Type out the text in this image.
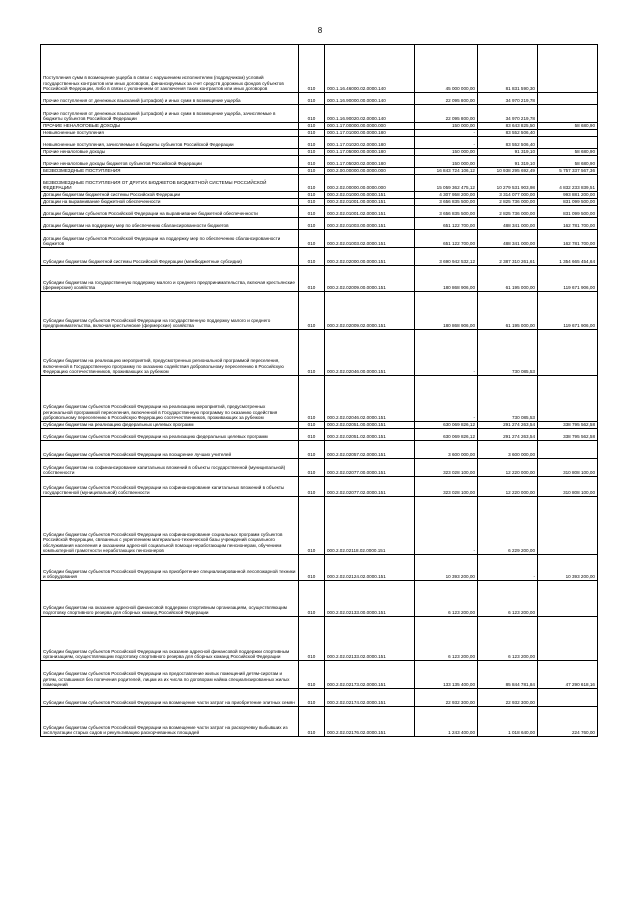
8
Поступления сумм в возмещение ущерба в связи с нарушением исполнителем (подрядчиком) условий государственных контрактов или иных договоров, финансируемых за счет средств дорожных фондов субъектов Российской Федерации, либо в связи с уклонением от заключения таких контрактов или иных договоров	010	000.1.16.46000.02.0000.140	45 000 000,00	81 831 590,30	
Прочие поступления от денежных взысканий (штрафов) и иных сумм в возмещение ущерба	010	000.1.16.90000.00.0000.140	22 095 800,00	34 970 219,78	
Прочие поступления от денежных взысканий (штрафов) и иных сумм в возмещение ущерба, зачисляемые в бюджеты субъектов Российской Федерации	010	000.1.16.90020.02.0000.140	22 095 800,00	34 970 219,78	
ПРОЧИЕ НЕНАЛОГОВЫЕ ДОХОДЫ	010	000.1.17.00000.00.0000.000	150 000,00	83 643 825,50	58 680,90
Невыясненные поступления	010	000.1.17.01000.00.0000.180	-	83 552 506,40	
Невыясненные поступления, зачисляемые в бюджеты субъектов Российской Федерации	010	000.1.17.01020.02.0000.180	-	83 552 506,40	
Прочие неналоговые доходы	010	000.1.17.05000.00.0000.180	150 000,00	91 319,10	58 680,90
Прочие неналоговые доходы бюджетов субъектов Российской Федерации	010	000.1.17.05020.02.0000.180	150 000,00	91 319,10	58 680,90
БЕЗВОЗМЕЗДНЫЕ ПОСТУПЛЕНИЯ	010	000.2.00.00000.00.0000.000	16 843 724 106,12	10 938 295 692,49	5 757 337 567,36
БЕЗВОЗМЕЗДНЫЕ ПОСТУПЛЕНИЯ ОТ ДРУГИХ БЮДЖЕТОВ БЮДЖЕТНОЙ СИСТЕМЫ РОССИЙСКОЙ ФЕДЕРАЦИИ	010	000.2.02.00000.00.0000.000	15 059 362 475,12	10 279 531 903,98	4 832 233 839,51
Дотации бюджетам бюджетной системы Российской Федерации	010	000.2.02.01000.00.0000.151	4 307 958 200,00	3 314 077 000,00	993 881 200,00
Дотации на выравнивание бюджетной обеспеченности	010	000.2.02.01001.00.0000.151	3 656 835 500,00	2 825 736 000,00	831 099 500,00
Дотации бюджетам субъектов Российской Федерации на выравнивание бюджетной обеспеченности	010	000.2.02.01001.02.0000.151	3 656 835 500,00	2 825 736 000,00	831 099 500,00
Дотации бюджетам на поддержку мер по обеспечению сбалансированности бюджетов	010	000.2.02.01003.00.0000.151	651 122 700,00	488 341 000,00	162 781 700,00
Дотации бюджетам субъектов Российской Федерации на поддержку мер по обеспечению сбалансированности бюджетов	010	000.2.02.01003.02.0000.151	651 122 700,00	488 341 000,00	162 781 700,00
Субсидии бюджетам бюджетной системы Российской Федерации (межбюджетные субсидии)	010	000.2.02.02000.00.0000.151	3 690 942 532,12	2 387 310 261,61	1 354 665 454,64
Субсидии бюджетам на государственную поддержку малого и среднего предпринимательства, включая крестьянские (фермерские) хозяйства	010	000.2.02.02009.00.0000.151	180 868 906,00	61 195 000,00	119 671 906,00
Субсидии бюджетам субъектов Российской Федерации на государственную поддержку малого и среднего предпринимательства, включая крестьянские (фермерские) хозяйства	010	000.2.02.02009.02.0000.151	180 868 906,00	61 195 000,00	119 671 906,00
Субсидии бюджетам на реализацию мероприятий, предусмотренных региональной программой переселения, включенной в Государственную программу по оказанию содействия добровольному переселению в Российскую Федерацию соотечественников, проживающих за рубежом	010	000.2.02.02046.00.0000.151	-	730 085,53	
Субсидии бюджетам субъектов Российской Федерации на реализацию мероприятий, предусмотренных региональной программой переселения, включенной в Государственную программу по оказанию содействия добровольному переселению в Российскую Федерацию соотечественников, проживающих за рубежом	010	000.2.02.02046.02.0000.151	-	730 085,53	
Субсидии бюджетам на реализацию федеральных целевых программ	010	000.2.02.02051.00.0000.151	630 069 826,12	291 274 263,54	338 795 562,58
Субсидии бюджетам субъектов Российской Федерации на реализацию федеральных целевых программ	010	000.2.02.02051.02.0000.151	630 069 826,12	291 274 263,54	338 795 562,58
Субсидии бюджетам субъектов Российской Федерации на поощрение лучших учителей	010	000.2.02.02057.02.0000.151	3 600 000,00	3 600 000,00	
Субсидии бюджетам на софинансирование капитальных вложений в объекты государственной (муниципальной) собственности	010	000.2.02.02077.00.0000.151	323 028 100,00	12 220 000,00	310 808 100,00
Субсидии бюджетам субъектов Российской Федерации на софинансирование капитальных вложений в объекты государственной (муниципальной) собственности	010	000.2.02.02077.02.0000.151	323 028 100,00	12 220 000,00	310 808 100,00
Субсидии бюджетам субъектов Российской Федерации на софинансирование социальных программ субъектов Российской Федерации, связанных с укреплением материально-технической базы учреждений социального обслуживания населения и оказанием адресной социальной помощи неработающим пенсионерам, обучением компьютерной грамотности неработающих пенсионеров	010	000.2.02.02118.02.0000.151	-	6 229 200,00	
Субсидии бюджетам субъектов Российской Федерации на приобретение специализированной лесопожарной техники и оборудования	010	000.2.02.02124.02.0000.151	10 393 200,00	-	10 393 200,00
Субсидии бюджетам на оказание адресной финансовой поддержки спортивным организациям, осуществляющим подготовку спортивного резерва для сборных команд Российской Федерации	010	000.2.02.02133.00.0000.151	6 123 200,00	6 123 200,00	
Субсидии бюджетам субъектов Российской Федерации на оказание адресной финансовой поддержки спортивным организациям, осуществляющим подготовку спортивного резерва для сборных команд Российской Федерации	010	000.2.02.02133.02.0000.151	6 123 200,00	6 123 200,00	
Субсидии бюджетам субъектов Российской Федерации на предоставление жилых помещений детям-сиротам и детям, оставшимся без попечения родителей, лицам из их числа по договорам найма специализированных жилых помещений	010	000.2.02.02173.02.0000.151	133 135 400,00	85 844 781,84	47 290 618,16
Субсидии бюджетам субъектов Российской Федерации на возмещение части затрат на приобретение элитных семян	010	000.2.02.02174.02.0000.151	22 932 300,00	22 932 300,00	
Субсидии бюджетам субъектов Российской Федерации на возмещение части затрат на раскорчевку выбывших из эксплуатации старых садов и рекультивацию раскорчеванных площадей	010	000.2.02.02176.02.0000.151	1 243 400,00	1 018 640,00	224 760,00
